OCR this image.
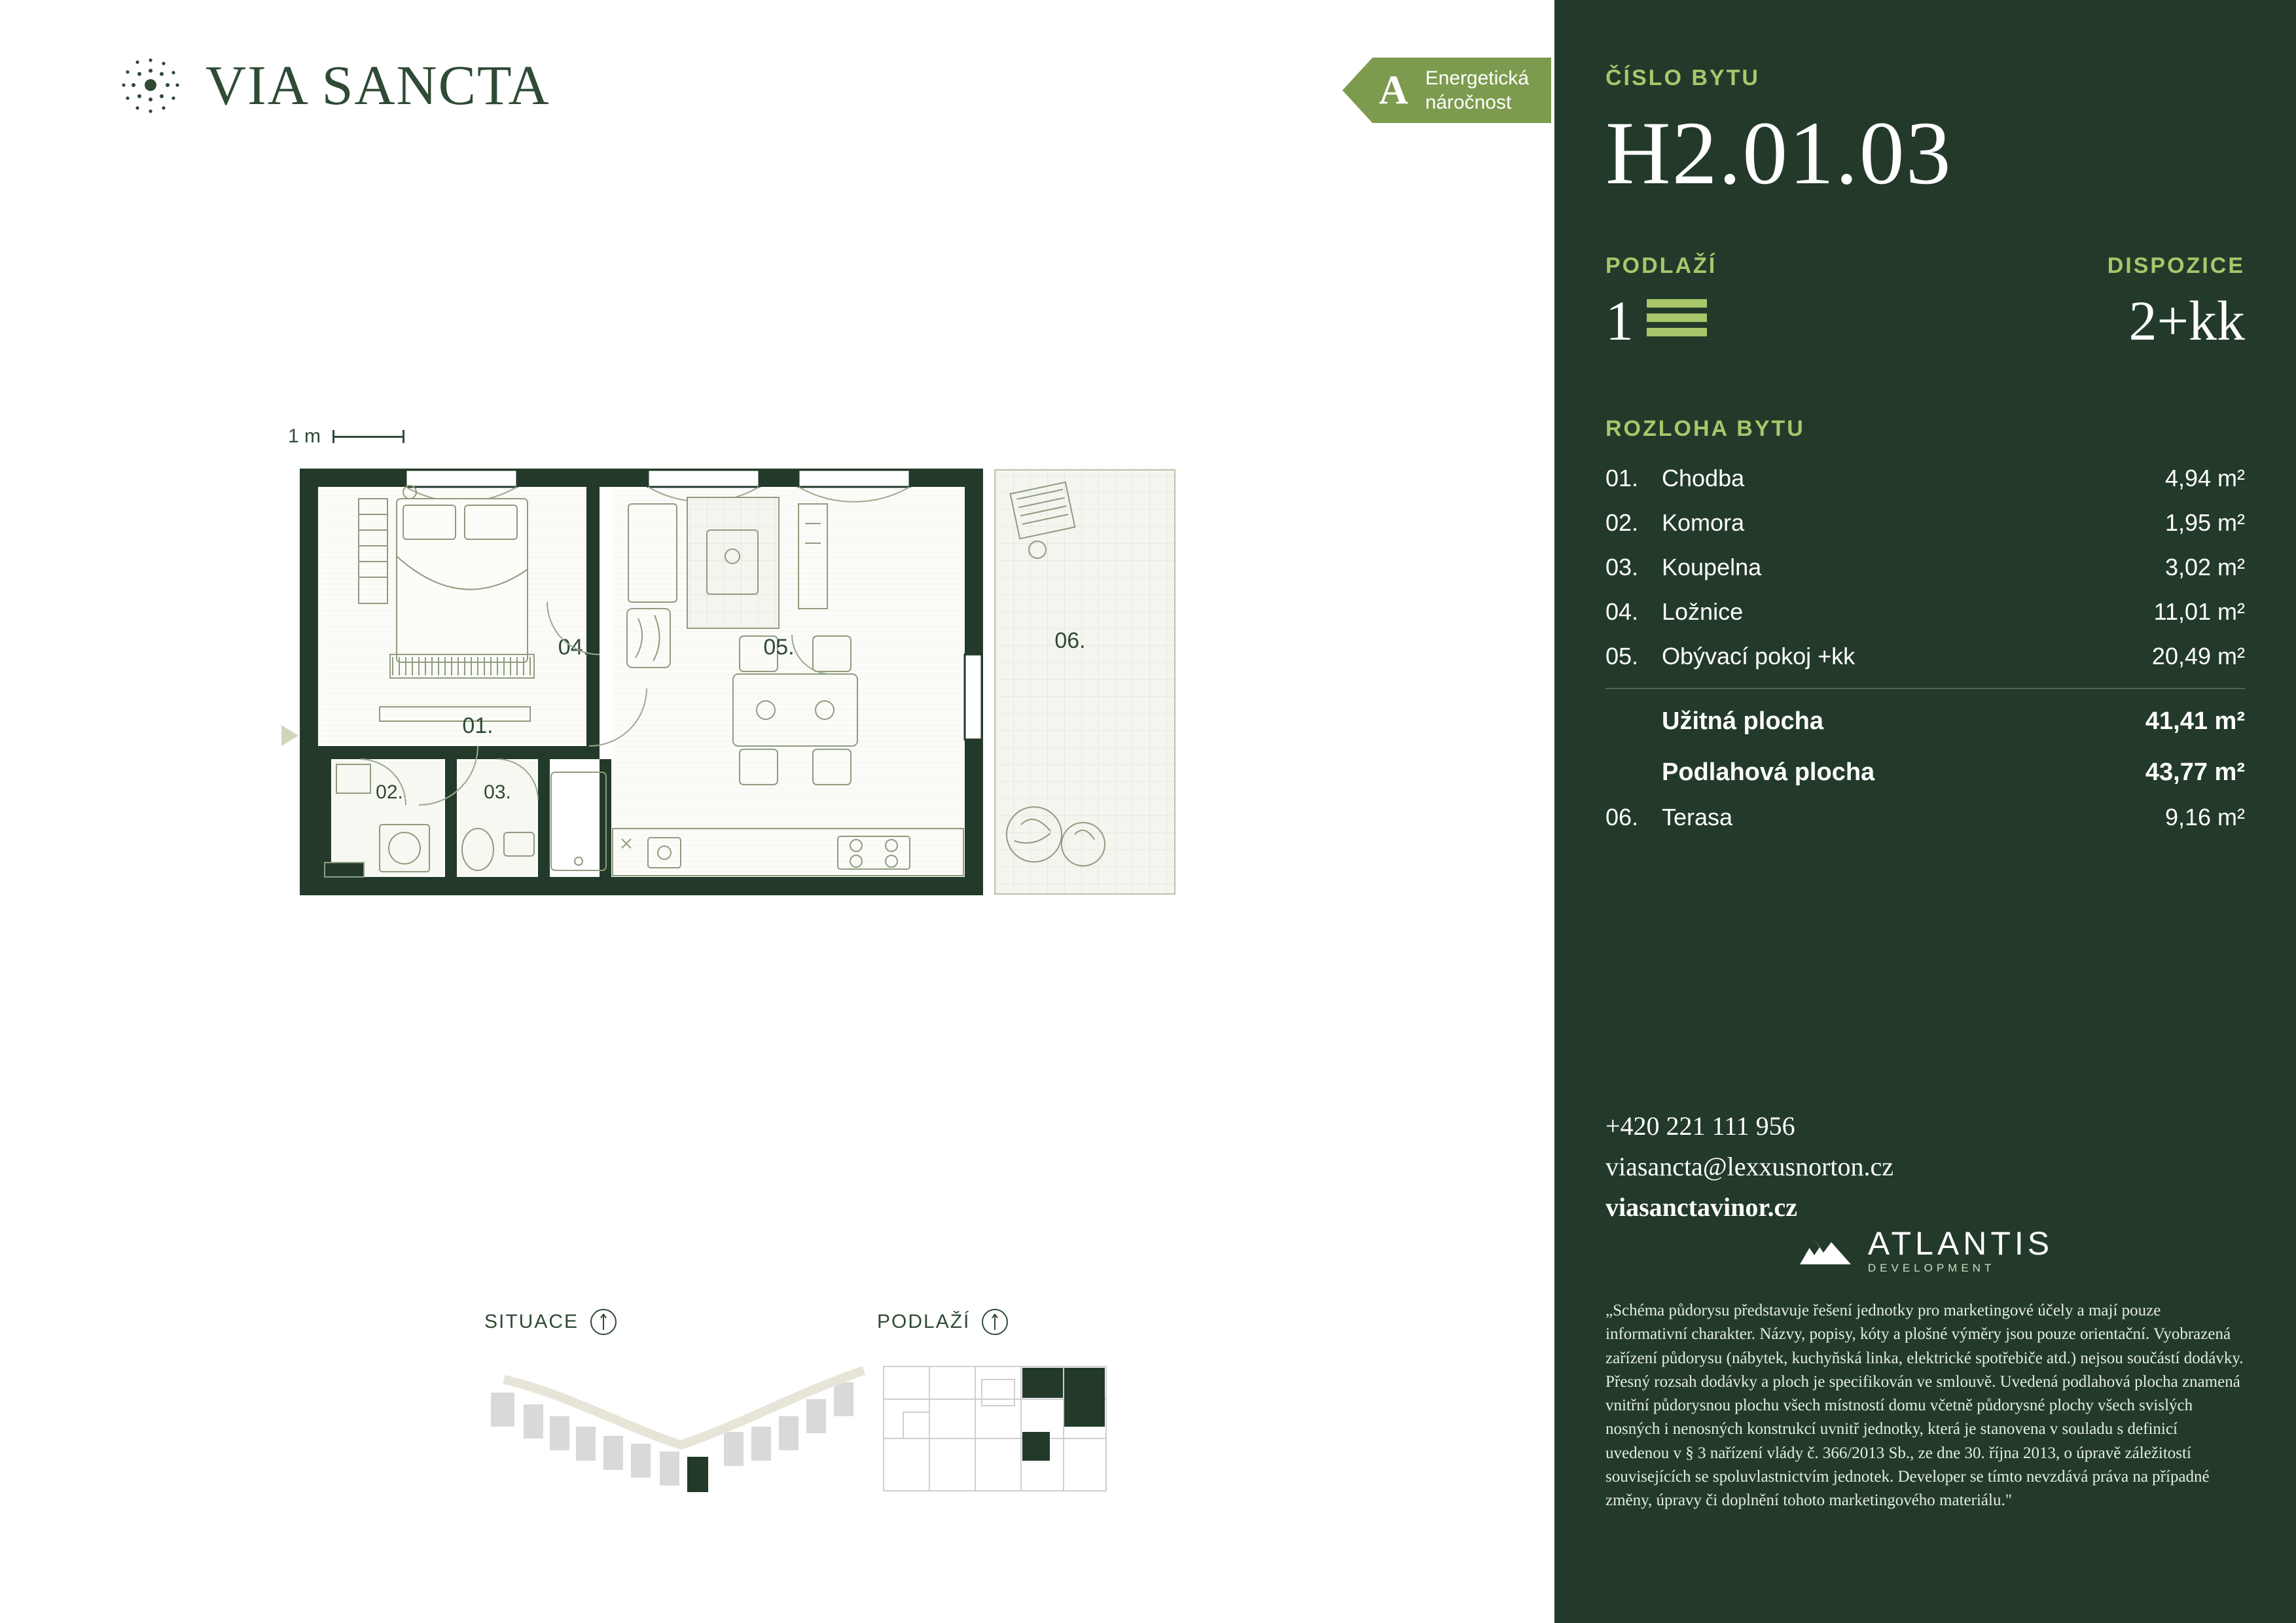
VIA SANCTA	A Energetická
náročnost
1 m
06.
04.	05.
01.
02.	03.
SITUACE	PODLAŽÍ
ČÍSLO BYTU
H2.01.03
PODLAŽÍ
1
DISPOZICE
2+kk
ROZLOHA BYTU
01.	Chodba	4,94 m²
02.	Komora	1,95 m²
03.	Koupelna	3,02 m²
04.	Ložnice	11,01 m²
05.	Obývací pokoj +kk	20,49 m²

	Užitná plocha	41,41 m²
	Podlahová plocha	43,77 m²
06.	Terasa	9,16 m²
+420 221 111 956
viasancta@lexxusnorton.cz
viasanctavinor.cz
ATLANTIS
DEVELOPMENT
„Schéma půdorysu představuje řešení jednotky pro marketingové účely a mají pouze informativní charakter. Názvy, popisy, kóty a plošné výměry jsou pouze orientační. Vyobrazená zařízení půdorysu (nábytek, kuchyňská linka, elektrické spotřebiče atd.) nejsou součástí dodávky. Přesný rozsah dodávky a ploch je specifikován ve smlouvě. Uvedená podlahová plocha znamená vnitřní půdorysnou plochu všech místností domu včetně půdorysné plochy všech svislých nosných i nenosných konstrukcí uvnitř jednotky, která je stanovena v souladu s definicí uvedenou v § 3 nařízení vlády č. 366/2013 Sb., ze dne 30. října 2013, o úpravě záležitostí souvisejících se spoluvlastnictvím jednotek. Developer se tímto nevzdává práva na případné změny, úpravy či doplnění tohoto marketingového materiálu."
